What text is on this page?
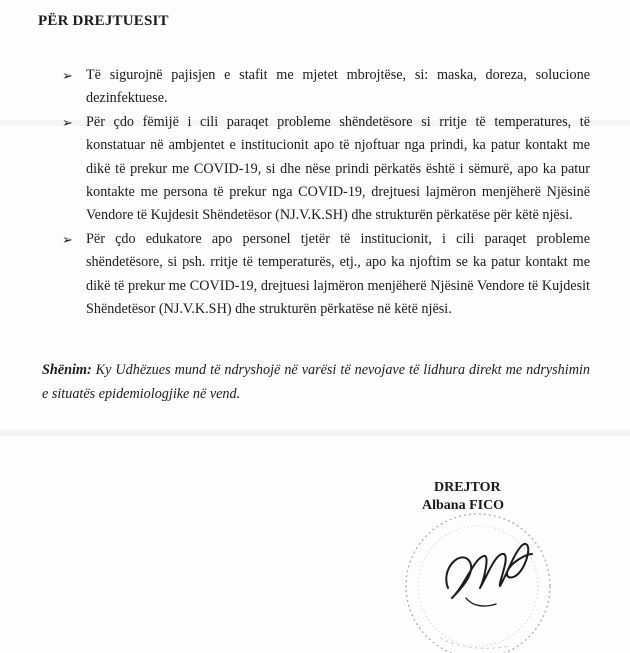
PËR DREJTUESIT
➢ Të sigurojnë pajisjen e stafit me mjetet mbrojtëse, si: maska, doreza, solucione dezinfektuese.
➢ Për çdo fëmijë i cili paraqet probleme shëndetësore si rritje të temperatures, të konstatuar në ambjentet e institucionit apo të njoftuar nga prindi, ka patur kontakt me dikë të prekur me COVID-19, si dhe nëse prindi përkatës është i sëmurë, apo ka patur kontakte me persona të prekur nga COVID-19, drejtuesi lajmëron menjëherë Njësinë Vendore të Kujdesit Shëndetësor (NJ.V.K.SH) dhe strukturën përkatëse për këtë njësi.
➢ Për çdo edukatore apo personel tjetër të institucionit, i cili paraqet probleme shëndetësore, si psh. rritje të temperaturës, etj., apo ka njoftim se ka patur kontakt me dikë të prekur me COVID-19, drejtuesi lajmëron menjëherë Njësinë Vendore të Kujdesit Shëndetësor (NJ.V.K.SH) dhe strukturën përkatëse në këtë njësi.
Shënim: Ky Udhëzues mund të ndryshojë në varësi të nevojave të lidhura direkt me ndryshimin e situatës epidemiologjike në vend.
DREJTOR
Albana FICO
